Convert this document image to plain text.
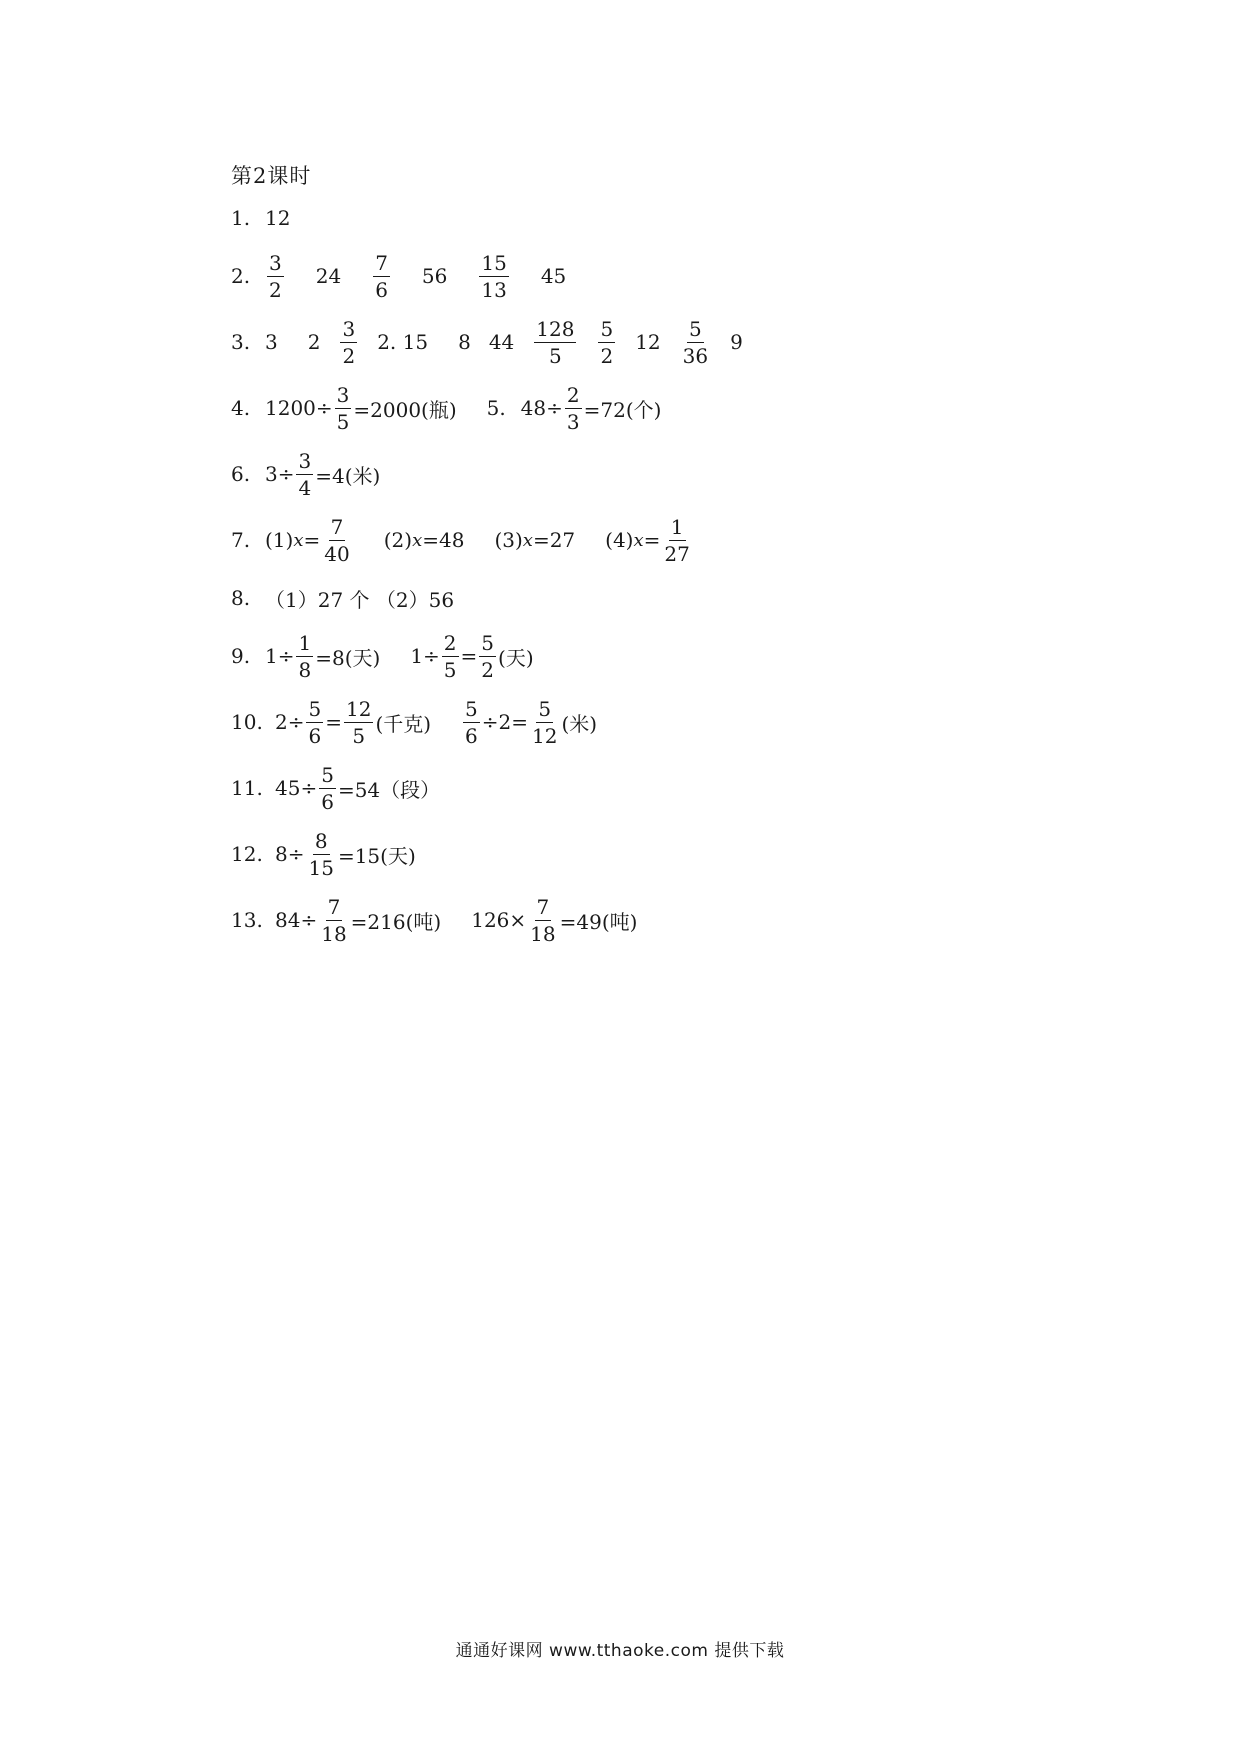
第2课时
1. 12
2. $\frac{3}{2} 24 \frac{7}{6} 56 \frac{15}{13} 45$
3. 3 $2 \frac{3}{2} 2$. 15 8 $44 \frac{128}{5} \frac{5}{2} 12 \frac{5}{36} 9$
4. $1200\div \frac{3}{5} =2000$(瓶) 5. $48\div \frac{2}{3} =72$(个)
6. $3\div \frac{3}{4} =4$(米)
7. (1) $x = \frac{7}{40} (2)$ x =48 (3) x =27 (4) $x = \frac{1}{27}$
8. （1）27 个 （2）56
9. $1\div \frac{1}{8} =8$(天) $1\div \frac{2}{5} = \frac{5}{2}$ (天)
10. $2\div \frac{5}{6} = \frac{12}{5}$ (千克) $\frac{5}{6} \div 2= \frac{5}{12}$ (米)
11. $45\div \frac{5}{6} =54$（段）
12. $8\div \frac{8}{15} =15$(天)
13. $84\div \frac{7}{18} =216$(吨) $126\times \frac{7}{18} =49$(吨)
通通好课网 www.tthaoke.com 提供下载
